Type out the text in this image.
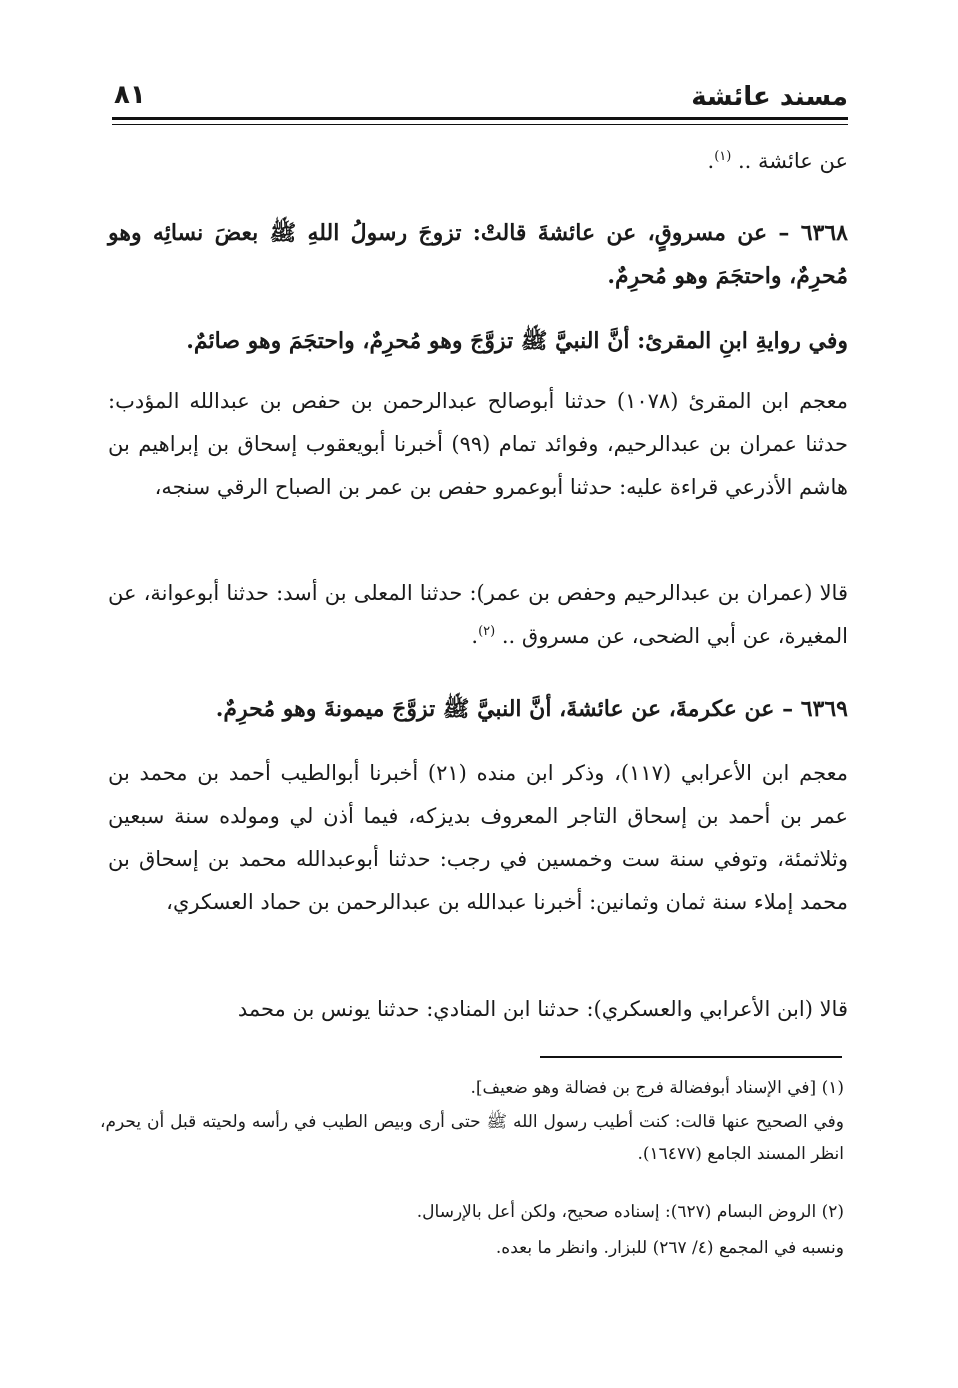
مسند عائشة
٨١

عن عائشة .. $^{(١)}$.

٦٣٦٨ – عن مسروقٍ، عن عائشةَ قالتْ: تزوجَ رسولُ اللهِ ﷺ بعضَ نسائِه وهو مُحرِمٌ، واحتجَمَ وهو مُحرِمٌ.

وفي روايةِ ابنِ المقرئ: أنَّ النبيَّ ﷺ تزوَّجَ وهو مُحرِمٌ، واحتجَمَ وهو صائمٌ.

معجم ابن المقرئ (١٠٧٨) حدثنا أبوصالح عبدالرحمن بن حفص بن عبدالله المؤدب: حدثنا عمران بن عبدالرحيم، وفوائد تمام (٩٩) أخبرنا أبويعقوب إسحاق بن إبراهيم بن هاشم الأذرعي قراءة عليه: حدثنا أبوعمرو حفص بن عمر بن الصباح الرقي سنجه،

قالا (عمران بن عبدالرحيم وحفص بن عمر): حدثنا المعلى بن أسد: حدثنا أبوعوانة، عن المغيرة، عن أبي الضحى، عن مسروق .. $^{(٢)}$.

٦٣٦٩ – عن عكرمةَ، عن عائشةَ، أنَّ النبيَّ ﷺ تزوَّجَ ميمونةَ وهو مُحرِمٌ.

معجم ابن الأعرابي (١١٧)، وذكر ابن منده (٢١) أخبرنا أبوالطيب أحمد بن محمد بن عمر بن أحمد بن إسحاق التاجر المعروف بديزكه، فيما أذن لي ومولده سنة سبعين وثلاثمئة، وتوفي سنة ست وخمسين في رجب: حدثنا أبوعبدالله محمد بن إسحاق بن محمد إملاء سنة ثمان وثمانين: أخبرنا عبدالله بن عبدالرحمن بن حماد العسكري،

قالا (ابن الأعرابي والعسكري): حدثنا ابن المنادي: حدثنا يونس بن محمد

(١) [في الإسناد أبوفضالة فرج بن فضالة وهو ضعيف].

وفي الصحيح عنها قالت: كنت أطيب رسول الله ﷺ حتى أرى وبيص الطيب في رأسه ولحيته قبل أن يحرم، انظر المسند الجامع (١٦٤٧٧).

(٢) الروض البسام (٦٢٧): إسناده صحيح، ولكن أعل بالإرسال.

ونسبه في المجمع (٤/ ٢٦٧) للبزار. وانظر ما بعده.
